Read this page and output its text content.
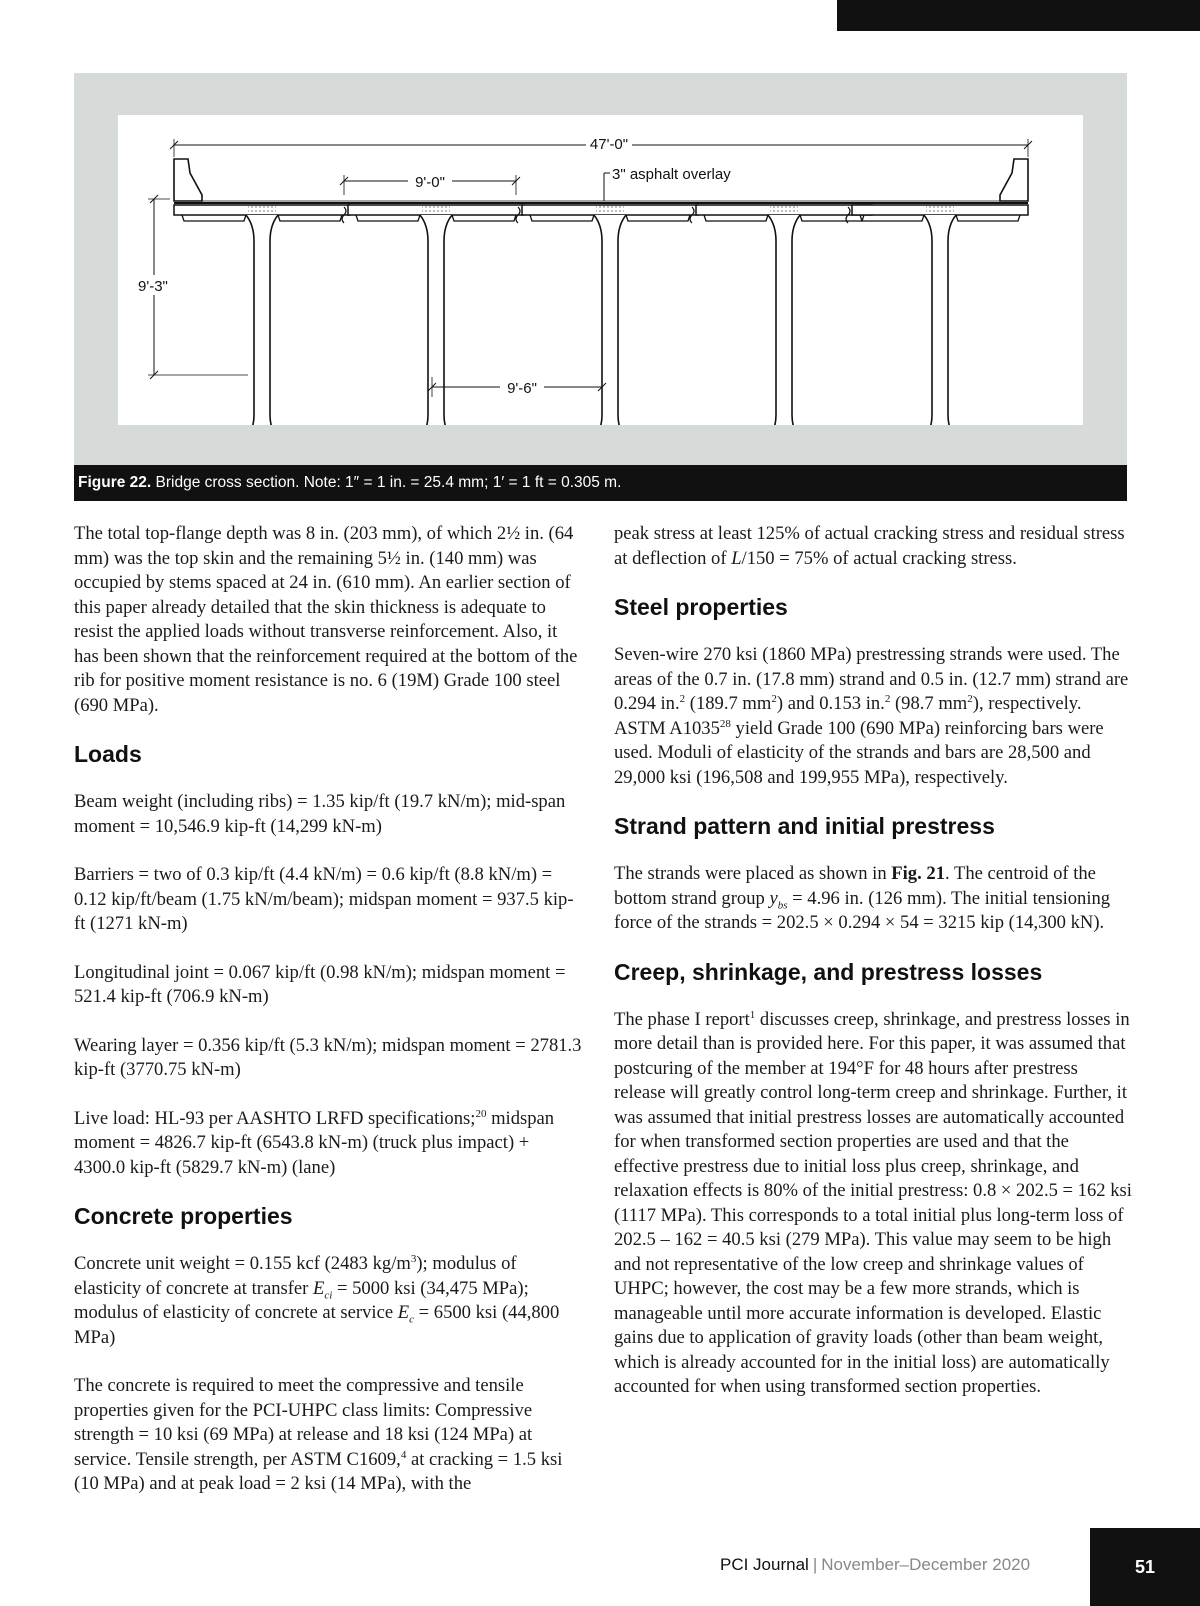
47'-0"
3" asphalt overlay
9'-0"
9'-3"
9'-6"
Figure 22. Bridge cross section. Note: 1″ = 1 in. = 25.4 mm; 1′ = 1 ft = 0.305 m.

The total top-flange depth was 8 in. (203 mm), of which 2½ in. (64 mm) was the top skin and the remaining 5½ in. (140 mm) was occupied by stems spaced at 24 in. (610 mm). An earlier section of this paper already detailed that the skin thickness is adequate to resist the applied loads without transverse reinforcement. Also, it has been shown that the reinforcement required at the bottom of the rib for positive moment resistance is no. 6 (19M) Grade 100 steel (690 MPa).

Loads

Beam weight (including ribs) = 1.35 kip/ft (19.7 kN/m); mid-span moment = 10,546.9 kip-ft (14,299 kN-m)

Barriers = two of 0.3 kip/ft (4.4 kN/m) = 0.6 kip/ft (8.8 kN/m) = 0.12 kip/ft/beam (1.75 kN/m/beam); midspan moment = 937.5 kip-ft (1271 kN-m)

Longitudinal joint = 0.067 kip/ft (0.98 kN/m); midspan moment = 521.4 kip-ft (706.9 kN-m)

Wearing layer = 0.356 kip/ft (5.3 kN/m); midspan moment = 2781.3 kip-ft (3770.75 kN-m)

Live load: HL-93 per AASHTO LRFD specifications;$^{20}$ midspan moment = 4826.7 kip-ft (6543.8 kN-m) (truck plus impact) + 4300.0 kip-ft (5829.7 kN-m) (lane)

Concrete properties

Concrete unit weight = 0.155 kcf (2483 $kg/m^3$); modulus of elasticity of concrete at transfer $E_{ci} = 5000$ ksi (34,475 MPa); modulus of elasticity of concrete at service $E_c = 6500$ ksi (44,800 MPa)

The concrete is required to meet the compressive and tensile properties given for the PCI-UHPC class limits: Compressive strength = 10 ksi (69 MPa) at release and 18 ksi (124 MPa) at service. Tensile strength, per ASTM C1609,$^4$ at cracking = 1.5 ksi (10 MPa) and at peak load = 2 ksi (14 MPa), with the

peak stress at least 125% of actual cracking stress and residual stress at deflection of L/150 = 75% of actual cracking stress.

Steel properties

Seven-wire 270 ksi (1860 MPa) prestressing strands were used. The areas of the 0.7 in. (17.8 mm) strand and 0.5 in. (12.7 mm) strand are 0.294 in.$^2$ (189.7 $mm^2$) and 0.153 in.$^2$ (98.7 $mm^2$), respectively. ASTM A1035$^{28}$ yield Grade 100 (690 MPa) reinforcing bars were used. Moduli of elasticity of the strands and bars are 28,500 and 29,000 ksi (196,508 and 199,955 MPa), respectively.

Strand pattern and initial prestress

The strands were placed as shown in Fig. 21. The centroid of the bottom strand group $y_{bs} = 4.96$ in. (126 mm). The initial tensioning force of the strands = 202.5 × 0.294 × 54 = 3215 kip (14,300 kN).

Creep, shrinkage, and prestress losses

The phase I report$^1$ discusses creep, shrinkage, and prestress losses in more detail than is provided here. For this paper, it was assumed that postcuring of the member at 194°F for 48 hours after prestress release will greatly control long-term creep and shrinkage. Further, it was assumed that initial prestress losses are automatically accounted for when transformed section properties are used and that the effective prestress due to initial loss plus creep, shrinkage, and relaxation effects is 80% of the initial prestress: 0.8 × 202.5 = 162 ksi (1117 MPa). This corresponds to a total initial plus long-term loss of 202.5 – 162 = 40.5 ksi (279 MPa). This value may seem to be high and not representative of the low creep and shrinkage values of UHPC; however, the cost may be a few more strands, which is manageable until more accurate information is developed. Elastic gains due to application of gravity loads (other than beam weight, which is already accounted for in the initial loss) are automatically accounted for when using transformed section properties.

PCI Journal | November–December 2020	51
